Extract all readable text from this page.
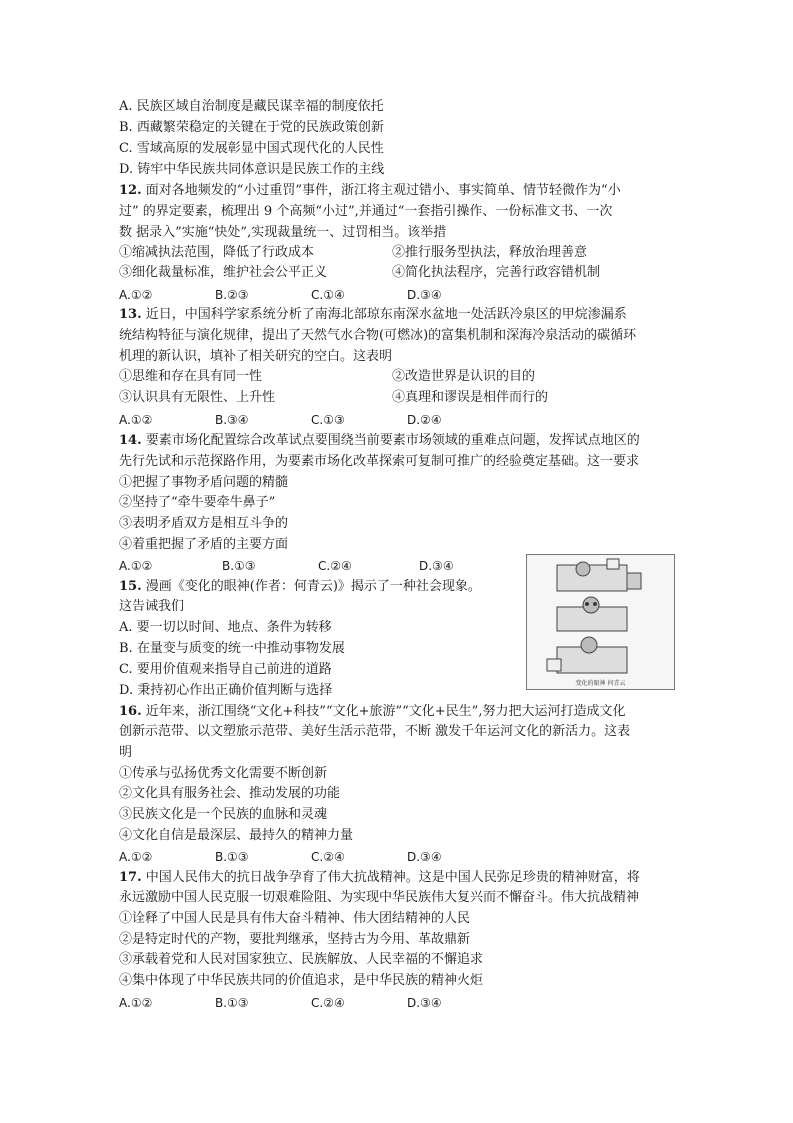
A. 民族区域自治制度是藏民谋幸福的制度依托
B. 西藏繁荣稳定的关键在于党的民族政策创新
C. 雪域高原的发展彰显中国式现代化的人民性
D. 铸牢中华民族共同体意识是民族工作的主线
12. 面对各地频发的“小过重罚”事件，浙江将主观过错小、事实简单、情节轻微作为“小
过” 的界定要素，梳理出 9 个高频“小过”,并通过“一套指引操作、一份标准文书、一次
数 据录入”实施“快处”,实现裁量统一、过罚相当。该举措
①缩减执法范围，降低了行政成本	②推行服务型执法，释放治理善意
③细化裁量标准，维护社会公平正义	④简化执法程序，完善行政容错机制
A.①②	B.②③	C.①④	D.③④
13. 近日，中国科学家系统分析了南海北部琼东南深水盆地一处活跃冷泉区的甲烷渗漏系
统结构特征与演化规律，提出了天然气水合物(可燃冰)的富集机制和深海冷泉活动的碳循环
机理的新认识，填补了相关研究的空白。这表明
①思维和存在具有同一性	②改造世界是认识的目的
③认识具有无限性、上升性	④真理和谬误是相伴而行的
A.①②	B.③④	C.①③	D.②④
14. 要素市场化配置综合改革试点要围绕当前要素市场领域的重难点问题，发挥试点地区的
先行先试和示范探路作用，为要素市场化改革探索可复制可推广的经验奠定基础。这一要求
①把握了事物矛盾问题的精髓
②坚持了“牵牛要牵牛鼻子”
③表明矛盾双方是相互斗争的
④着重把握了矛盾的主要方面
A.①②	B.①③	C.②④	D.③④
15. 漫画《变化的眼神(作者：何青云)》揭示了一种社会现象。
这告诫我们
A. 要一切以时间、地点、条件为转移
B. 在量变与质变的统一中推动事物发展
C. 要用价值观来指导自己前进的道路
D. 秉持初心作出正确价值判断与选择	变化的眼神 何青云
16. 近年来，浙江围绕“文化+科技”“文化+旅游”“文化+民生”,努力把大运河打造成文化
创新示范带、以文塑旅示范带、美好生活示范带，不断 激发千年运河文化的新活力。这表
明
①传承与弘扬优秀文化需要不断创新
②文化具有服务社会、推动发展的功能
③民族文化是一个民族的血脉和灵魂
④文化自信是最深层、最持久的精神力量
A.①②	B.①③	C.②④	D.③④
17. 中国人民伟大的抗日战争孕育了伟大抗战精神。这是中国人民弥足珍贵的精神财富，将
永远激励中国人民克服一切艰难险阻、为实现中华民族伟大复兴而不懈奋斗。伟大抗战精神
①诠释了中国人民是具有伟大奋斗精神、伟大团结精神的人民
②是特定时代的产物，要批判继承，坚持古为今用、革故鼎新
③承载着党和人民对国家独立、民族解放、人民幸福的不懈追求
④集中体现了中华民族共同的价值追求，是中华民族的精神火炬
A.①②	B.①③	C.②④	D.③④
